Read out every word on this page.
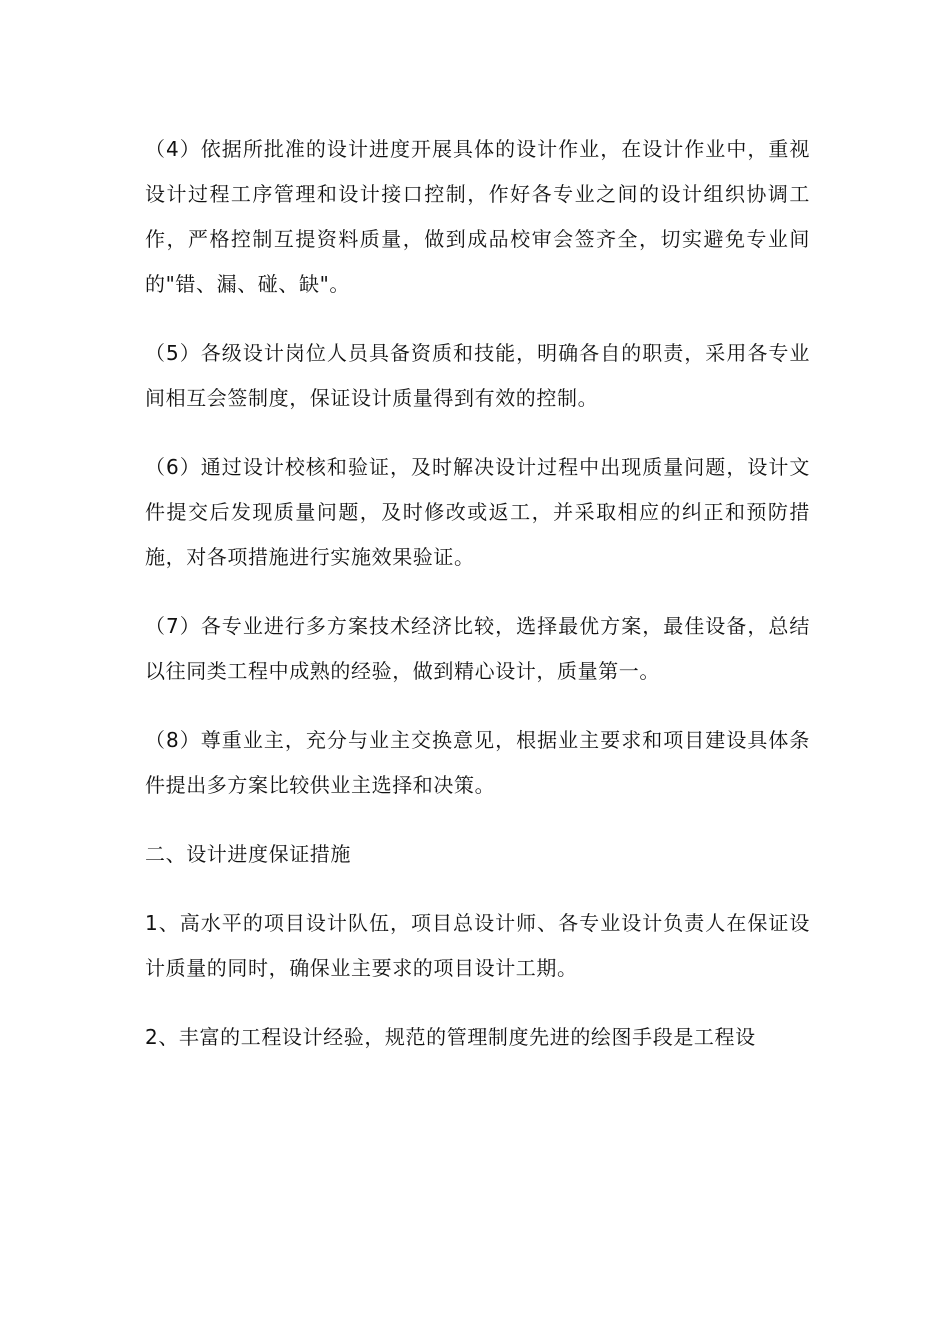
（4）依据所批准的设计进度开展具体的设计作业，在设计作业中，重视设计过程工序管理和设计接口控制，作好各专业之间的设计组织协调工作，严格控制互提资料质量，做到成品校审会签齐全，切实避免专业间的"错、漏、碰、缺"。

（5）各级设计岗位人员具备资质和技能，明确各自的职责，采用各专业间相互会签制度，保证设计质量得到有效的控制。

（6）通过设计校核和验证，及时解决设计过程中出现质量问题，设计文件提交后发现质量问题，及时修改或返工，并采取相应的纠正和预防措施，对各项措施进行实施效果验证。

（7）各专业进行多方案技术经济比较，选择最优方案，最佳设备，总结以往同类工程中成熟的经验，做到精心设计，质量第一。

（8）尊重业主，充分与业主交换意见，根据业主要求和项目建设具体条件提出多方案比较供业主选择和决策。

二、设计进度保证措施

1、高水平的项目设计队伍，项目总设计师、各专业设计负责人在保证设计质量的同时，确保业主要求的项目设计工期。

2、丰富的工程设计经验，规范的管理制度先进的绘图手段是工程设
